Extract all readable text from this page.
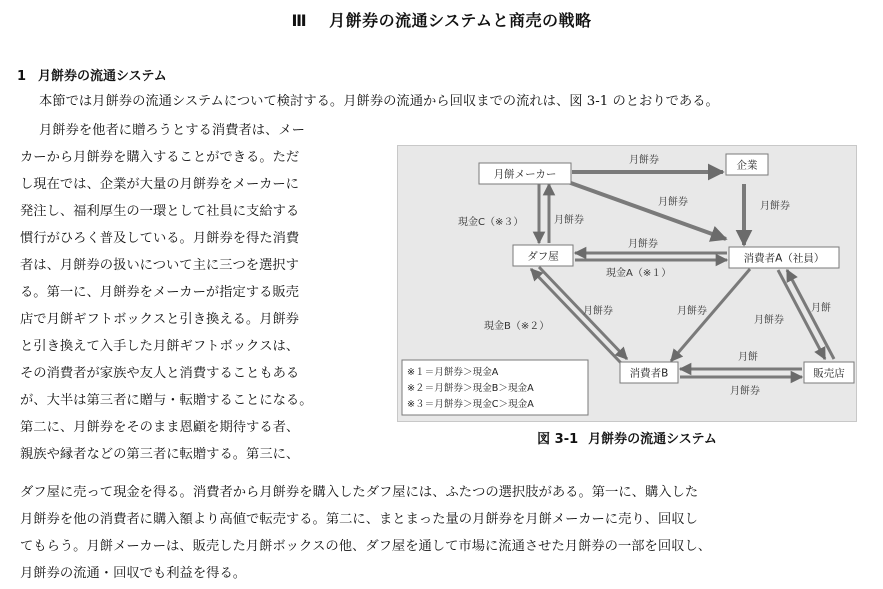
Ⅲ 月餅券の流通システムと商売の戦略
1 月餅券の流通システム
本節では月餅券の流通システムについて検討する。月餅券の流通から回収までの流れは、図 3-1 のとおりである。
月餅券を他者に贈ろうとする消費者は、メー
カーから月餅券を購入することができる。ただ
し現在では、企業が大量の月餅券をメーカーに
発注し、福利厚生の一環として社員に支給する
慣行がひろく普及している。月餅券を得た消費
者は、月餅券の扱いについて主に三つを選択す
る。第一に、月餅券をメーカーが指定する販売
店で月餅ギフトボックスと引き換える。月餅券
と引き換えて入手した月餅ギフトボックスは、
その消費者が家族や友人と消費することもある
が、大半は第三者に贈与・転贈することになる。
第二に、月餅券をそのまま恩顧を期待する者、
親族や縁者などの第三者に転贈する。第三に、
ダフ屋に売って現金を得る。消費者から月餅券を購入したダフ屋には、ふたつの選択肢がある。第一に、購入した
月餅券を他の消費者に購入額より高値で転売する。第二に、まとまった量の月餅券を月餅メーカーに売り、回収し
てもらう。月餅メーカーは、販売した月餅ボックスの他、ダフ屋を通して市場に流通させた月餅券の一部を回収し、
月餅券の流通・回収でも利益を得る。
月餅券
月餅券	月餅券
現金C（※３）	月餅券
月餅券
現金A（※１）
現金B（※２）
月餅券	月餅券
月餅券
月餅
月餅
月餅券
月餅メーカー
企業
ダフ屋	消費者A（社員）
消費者B	販売店
※１＝月餅券＞現金A
※２＝月餅券＞現金B＞現金A
※３＝月餅券＞現金C＞現金A
図 3-1 月餅券の流通システム
